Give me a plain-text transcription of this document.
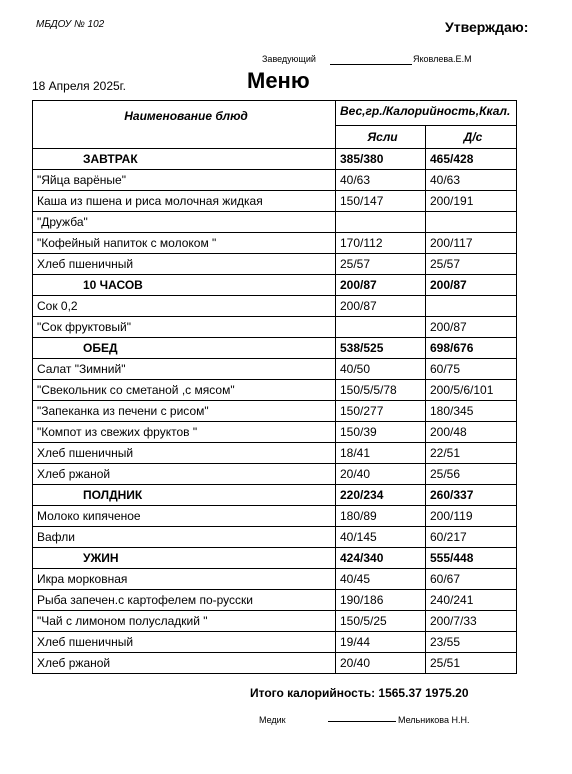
МБДОУ № 102	Утверждаю:
Заведующий	Яковлева.Е.М
18 Апреля 2025г.	Меню
Наименование блюд	Вес,гр./Калорийность,Ккал.	
	Ясли	Д/с
ЗАВТРАК	385/380	465/428
"Яйца варёные"	40/63	40/63
Каша из пшена и риса молочная жидкая	150/147	200/191
"Дружба"		
"Кофейный напиток с молоком "	170/112	200/117
Хлеб пшеничный	25/57	25/57
10 ЧАСОВ	200/87	200/87
Сок 0,2	200/87	
"Сок фруктовый"		200/87
ОБЕД	538/525	698/676
Салат "Зимний"	40/50	60/75
"Свекольник со сметаной ,с мясом"	150/5/5/78	200/5/6/101
"Запеканка из печени с рисом"	150/277	180/345
"Компот из свежих фруктов "	150/39	200/48
Хлеб пшеничный	18/41	22/51
Хлеб ржаной	20/40	25/56
ПОЛДНИК	220/234	260/337
Молоко кипяченое	180/89	200/119
Вафли	40/145	60/217
УЖИН	424/340	555/448
Икра морковная	40/45	60/67
Рыба запечен.с картофелем по-русски	190/186	240/241
"Чай с лимоном полусладкий "	150/5/25	200/7/33
Хлеб пшеничный	19/44	23/55
Хлеб ржаной	20/40	25/51
Итого калорийность: 1565.37 1975.20
Медик	Мельникова Н.Н.
